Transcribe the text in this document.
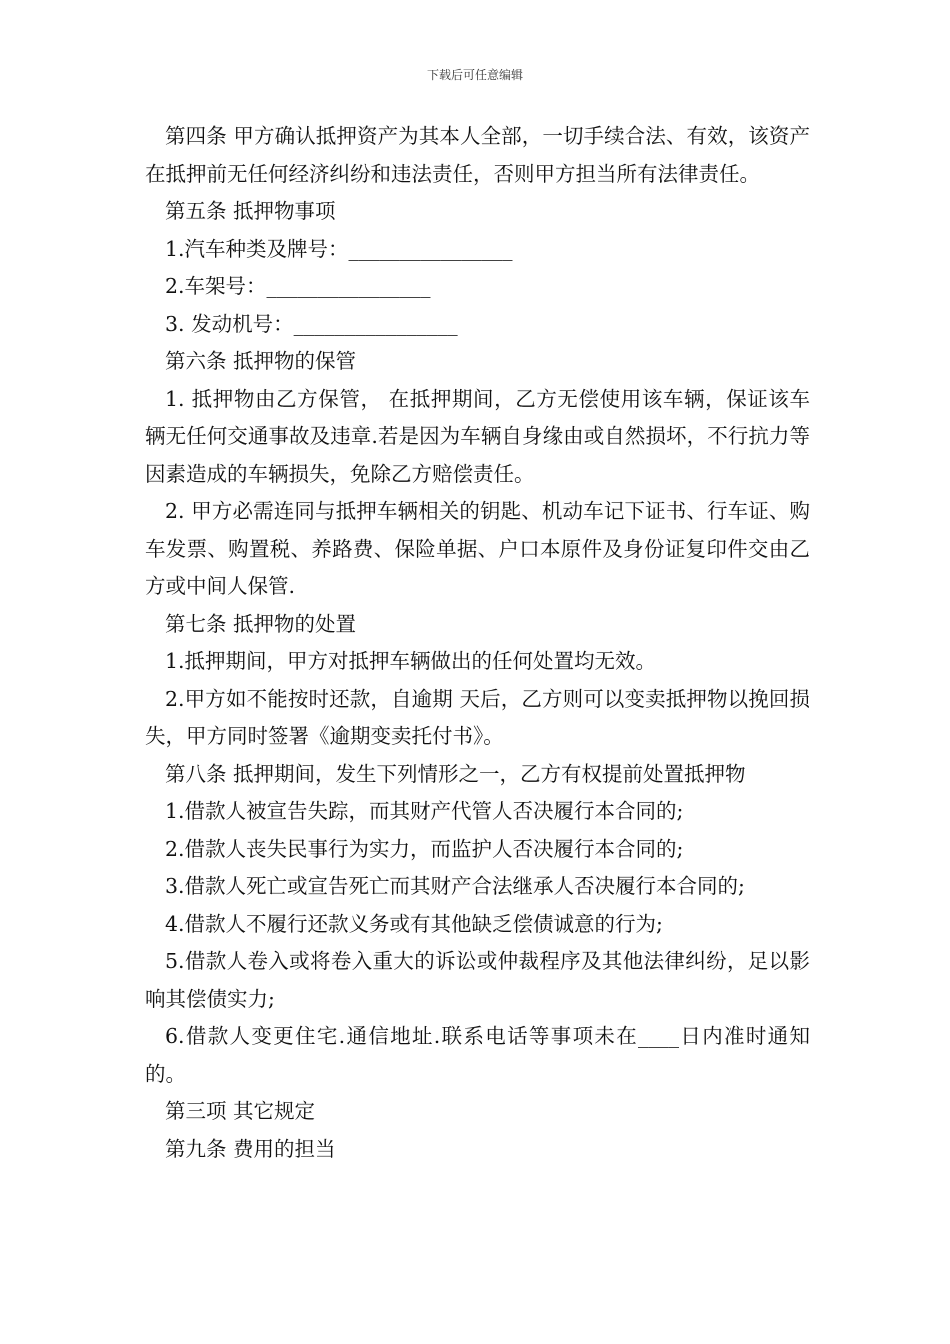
下载后可任意编辑

第四条 甲方确认抵押资产为其本人全部，一切手续合法、有效，该资产在抵押前无任何经济纠纷和违法责任，否则甲方担当所有法律责任。

第五条 抵押物事项

1.汽车种类及牌号：________________

2.车架号：________________

3. 发动机号：________________

第六条 抵押物的保管

1. 抵押物由乙方保管， 在抵押期间，乙方无偿使用该车辆，保证该车辆无任何交通事故及违章.若是因为车辆自身缘由或自然损坏，不行抗力等因素造成的车辆损失，免除乙方赔偿责任。

2. 甲方必需连同与抵押车辆相关的钥匙、机动车记下证书、行车证、购车发票、购置税、养路费、保险单据、户口本原件及身份证复印件交由乙方或中间人保管.

第七条 抵押物的处置

1.抵押期间，甲方对抵押车辆做出的任何处置均无效。

2.甲方如不能按时还款，自逾期 天后，乙方则可以变卖抵押物以挽回损失，甲方同时签署《逾期变卖托付书》。

第八条 抵押期间，发生下列情形之一，乙方有权提前处置抵押物

1.借款人被宣告失踪，而其财产代管人否决履行本合同的;

2.借款人丧失民事行为实力，而监护人否决履行本合同的;

3.借款人死亡或宣告死亡而其财产合法继承人否决履行本合同的;

4.借款人不履行还款义务或有其他缺乏偿债诚意的行为;

5.借款人卷入或将卷入重大的诉讼或仲裁程序及其他法律纠纷，足以影响其偿债实力;

6.借款人变更住宅.通信地址.联系电话等事项未在____日内准时通知的。

第三项 其它规定

第九条 费用的担当
